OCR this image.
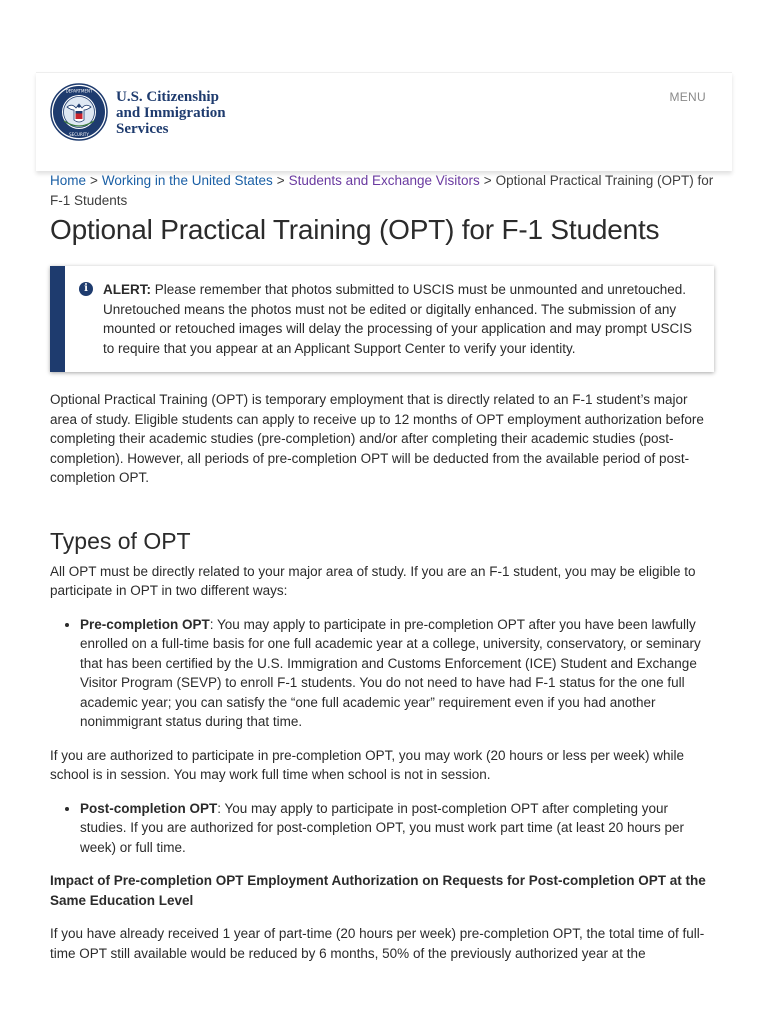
DEPARTMENT
SECURITY
U.S. Citizenship
and Immigration
Services
MENU
Home > Working in the United States > Students and Exchange Visitors > Optional Practical Training (OPT) for F-1 Students
Optional Practical Training (OPT) for F-1 Students
i	ALERT: Please remember that photos submitted to USCIS must be unmounted and unretouched. Unretouched means the photos must not be edited or digitally enhanced. The submission of any mounted or retouched images will delay the processing of your application and may prompt USCIS to require that you appear at an Applicant Support Center to verify your identity.

Optional Practical Training (OPT) is temporary employment that is directly related to an F-1 student’s major area of study. Eligible students can apply to receive up to 12 months of OPT employment authorization before completing their academic studies (pre-completion) and/or after completing their academic studies (post-completion). However, all periods of pre-completion OPT will be deducted from the available period of post-completion OPT.

Types of OPT

All OPT must be directly related to your major area of study. If you are an F-1 student, you may be eligible to participate in OPT in two different ways:

• Pre-completion OPT: You may apply to participate in pre-completion OPT after you have been lawfully enrolled on a full-time basis for one full academic year at a college, university, conservatory, or seminary that has been certified by the U.S. Immigration and Customs Enforcement (ICE) Student and Exchange Visitor Program (SEVP) to enroll F-1 students. You do not need to have had F-1 status for the one full academic year; you can satisfy the “one full academic year” requirement even if you had another nonimmigrant status during that time.

If you are authorized to participate in pre-completion OPT, you may work (20 hours or less per week) while school is in session. You may work full time when school is not in session.

• Post-completion OPT: You may apply to participate in post-completion OPT after completing your studies. If you are authorized for post-completion OPT, you must work part time (at least 20 hours per week) or full time.

Impact of Pre-completion OPT Employment Authorization on Requests for Post-completion OPT at the Same Education Level

If you have already received 1 year of part-time (20 hours per week) pre-completion OPT, the total time of full-time OPT still available would be reduced by 6 months, 50% of the previously authorized year at the
